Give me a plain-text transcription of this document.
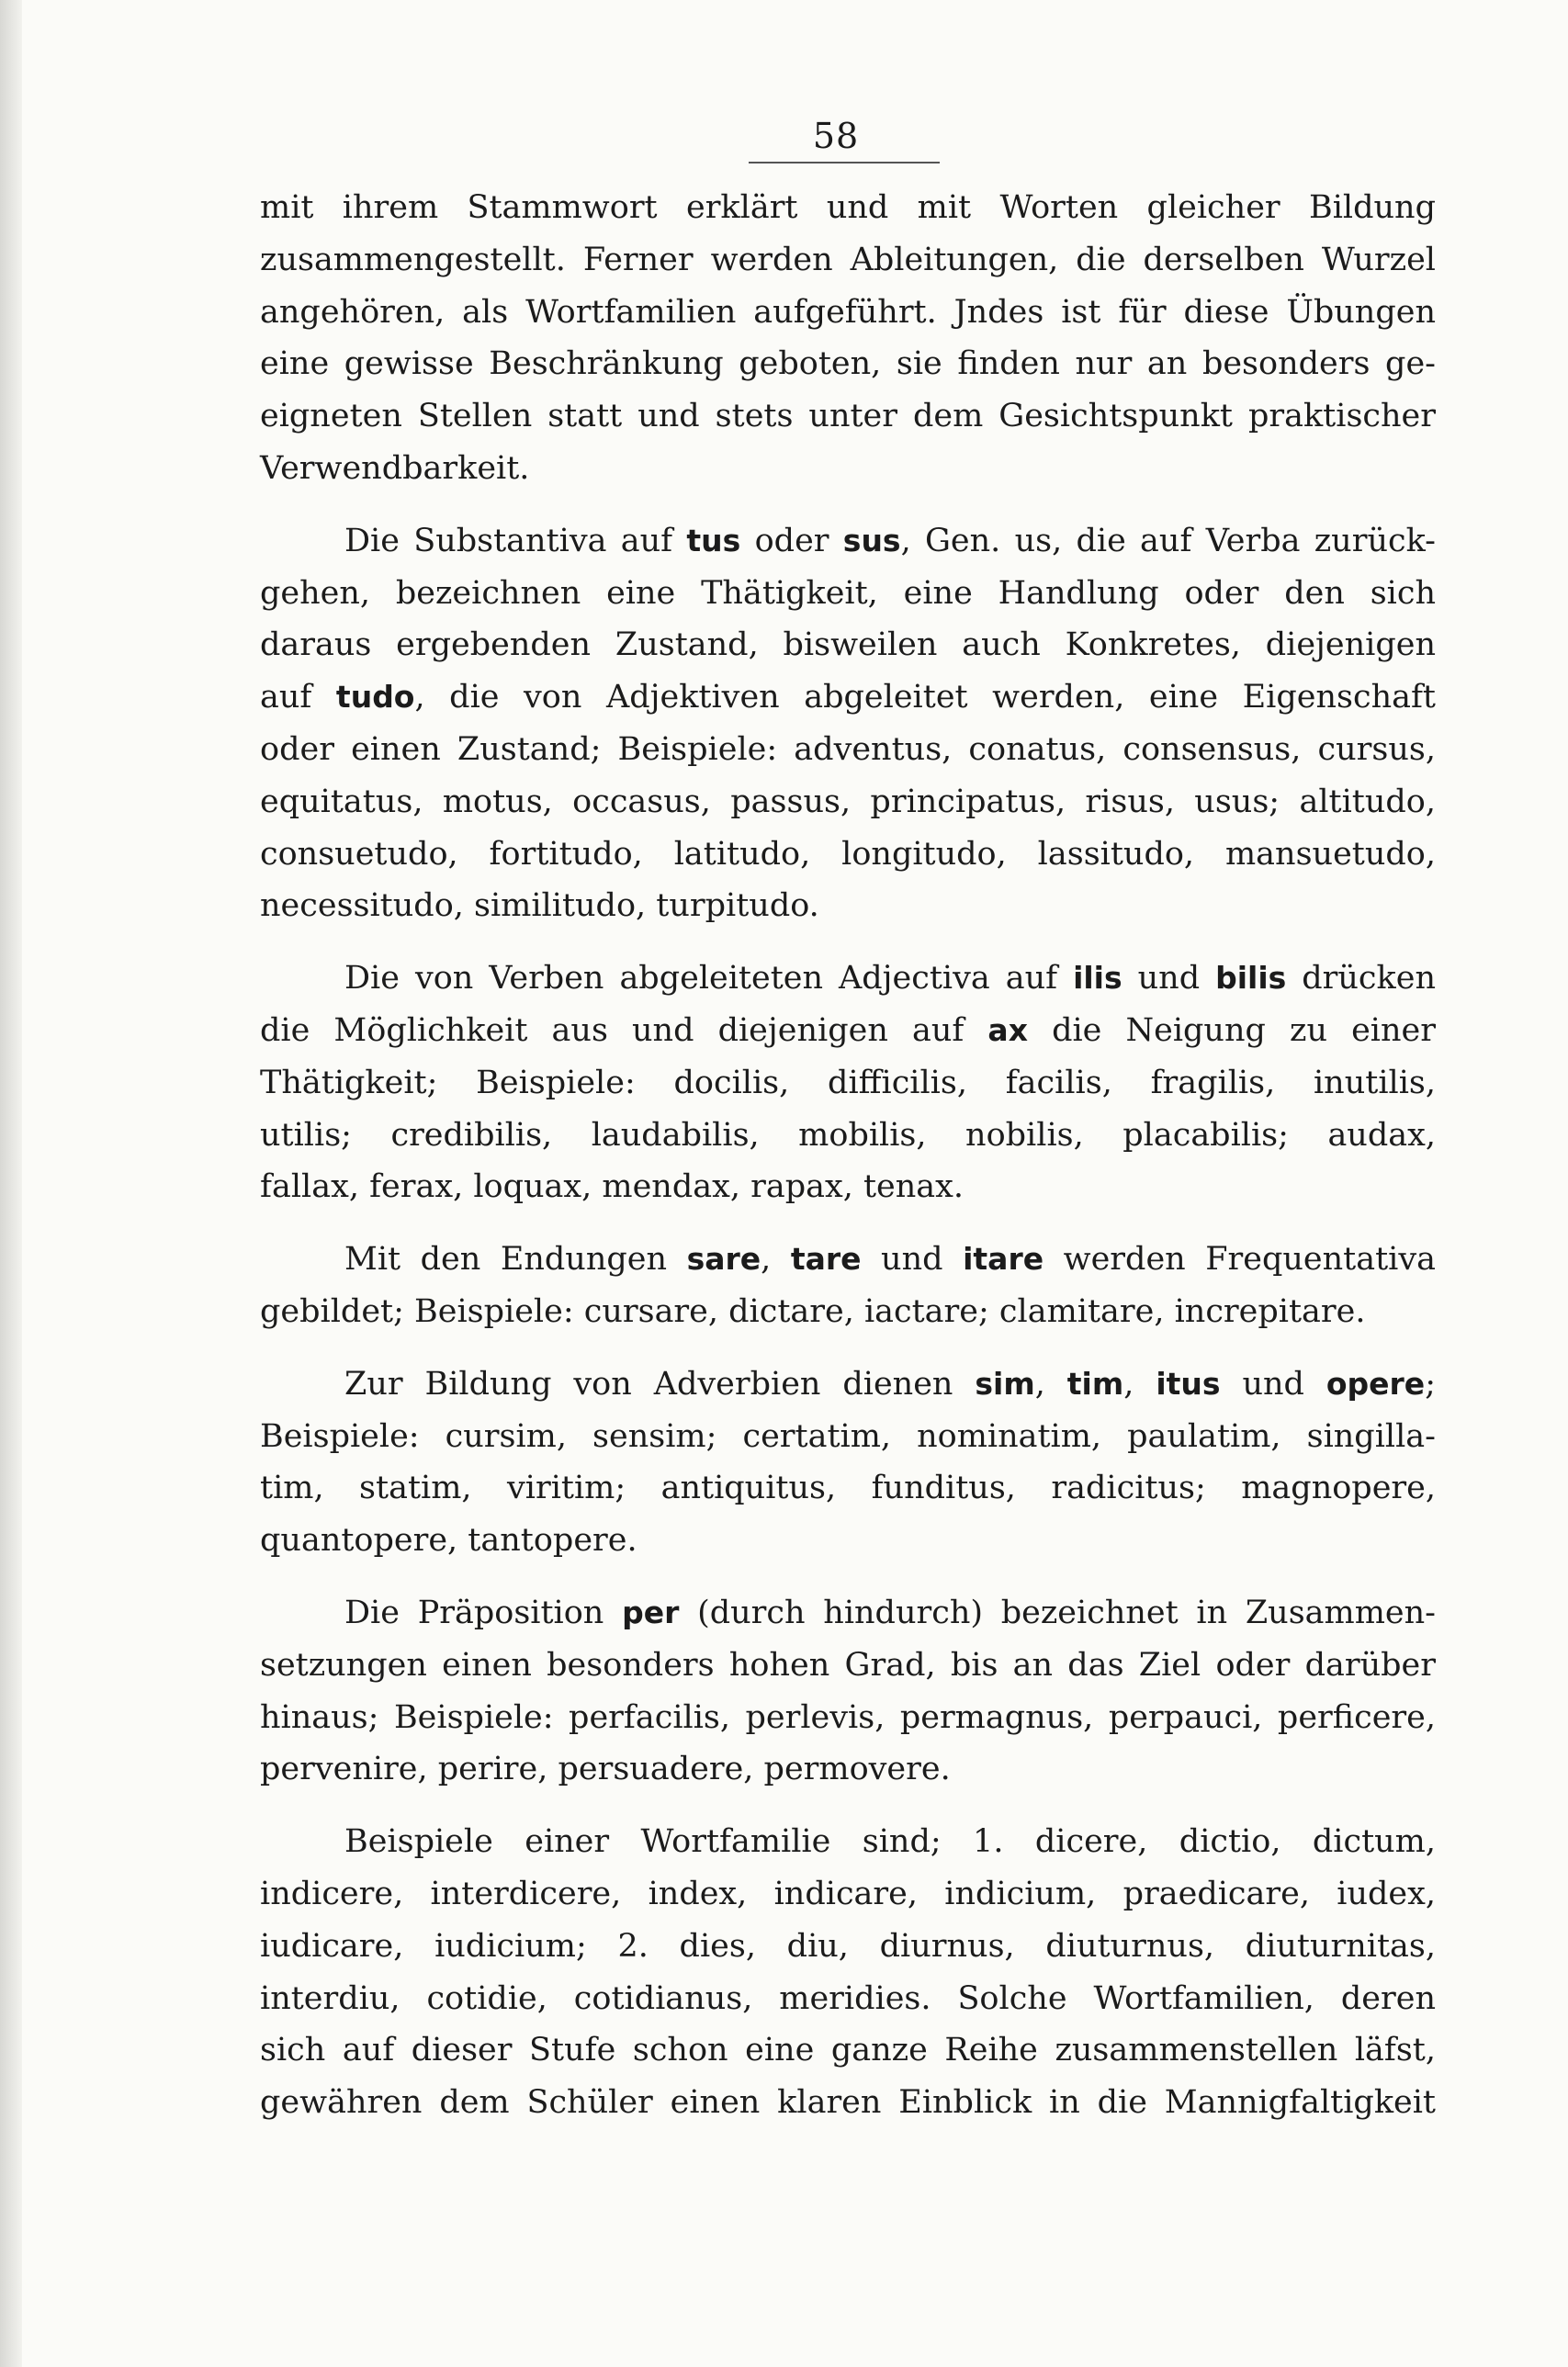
58
mit ihrem Stammwort erklärt und mit Worten gleicher Bildung
zusammengestellt. Ferner werden Ableitungen, die derselben Wurzel
angehören, als Wortfamilien aufgeführt. Jndes ist für diese Übungen
eine gewisse Beschränkung geboten, sie finden nur an besonders ge-
eigneten Stellen statt und stets unter dem Gesichtspunkt praktischer
Verwendbarkeit.
Die Substantiva auf tus oder sus, Gen. us, die auf Verba zurück-
gehen, bezeichnen eine Thätigkeit, eine Handlung oder den sich
daraus ergebenden Zustand, bisweilen auch Konkretes, diejenigen
auf tudo, die von Adjektiven abgeleitet werden, eine Eigenschaft
oder einen Zustand; Beispiele: adventus, conatus, consensus, cursus,
equitatus, motus, occasus, passus, principatus, risus, usus; altitudo,
consuetudo, fortitudo, latitudo, longitudo, lassitudo, mansuetudo,
necessitudo, similitudo, turpitudo.
Die von Verben abgeleiteten Adjectiva auf ilis und bilis drücken
die Möglichkeit aus und diejenigen auf ax die Neigung zu einer
Thätigkeit; Beispiele: docilis, difficilis, facilis, fragilis, inutilis,
utilis; credibilis, laudabilis, mobilis, nobilis, placabilis; audax,
fallax, ferax, loquax, mendax, rapax, tenax.
Mit den Endungen sare, tare und itare werden Frequentativa
gebildet; Beispiele: cursare, dictare, iactare; clamitare, increpitare.
Zur Bildung von Adverbien dienen sim, tim, itus und opere;
Beispiele: cursim, sensim; certatim, nominatim, paulatim, singilla-
tim, statim, viritim; antiquitus, funditus, radicitus; magnopere,
quantopere, tantopere.
Die Präposition per (durch hindurch) bezeichnet in Zusammen-
setzungen einen besonders hohen Grad, bis an das Ziel oder darüber
hinaus; Beispiele: perfacilis, perlevis, permagnus, perpauci, perficere,
pervenire, perire, persuadere, permovere.
Beispiele einer Wortfamilie sind; 1. dicere, dictio, dictum,
indicere, interdicere, index, indicare, indicium, praedicare, iudex,
iudicare, iudicium; 2. dies, diu, diurnus, diuturnus, diuturnitas,
interdiu, cotidie, cotidianus, meridies. Solche Wortfamilien, deren
sich auf dieser Stufe schon eine ganze Reihe zusammenstellen läfst,
gewähren dem Schüler einen klaren Einblick in die Mannigfaltigkeit
